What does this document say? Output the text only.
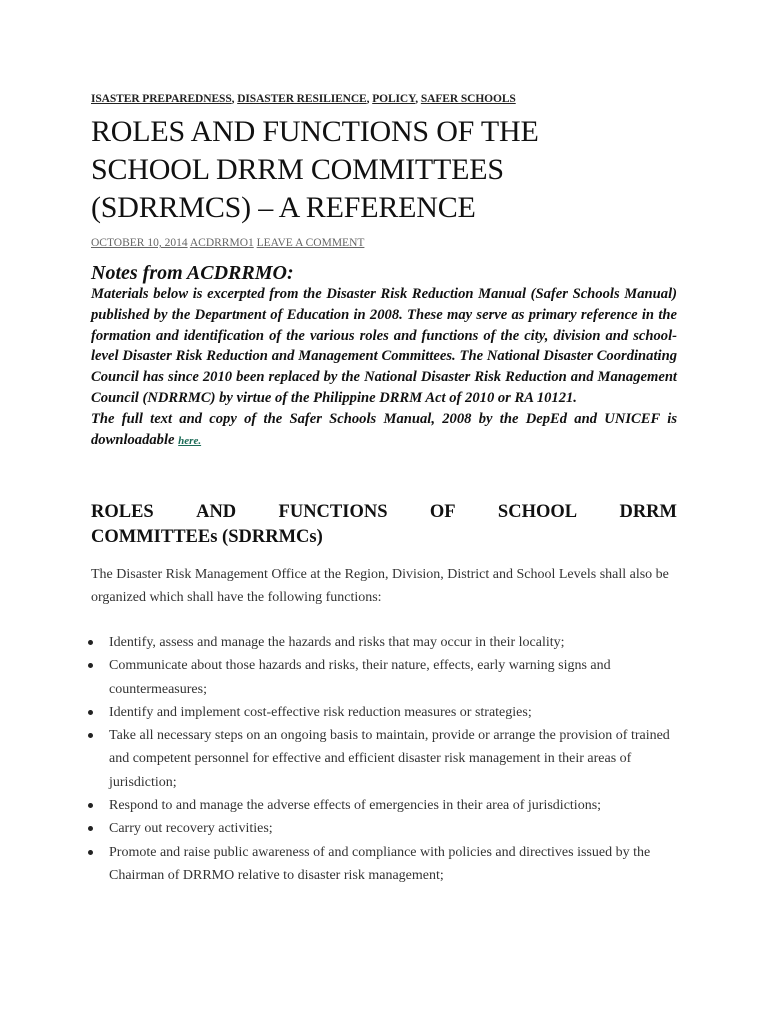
ISASTER PREPAREDNESS, DISASTER RESILIENCE, POLICY, SAFER SCHOOLS
ROLES AND FUNCTIONS OF THE SCHOOL DRRM COMMITTEES (SDRRMCS) – A REFERENCE
OCTOBER 10, 2014 ACDRRMO1 LEAVE A COMMENT
Notes from ACDRRMO:

Materials below is excerpted from the Disaster Risk Reduction Manual (Safer Schools Manual) published by the Department of Education in 2008. These may serve as primary reference in the formation and identification of the various roles and functions of the city, division and school-level Disaster Risk Reduction and Management Committees. The National Disaster Coordinating Council has since 2010 been replaced by the National Disaster Risk Reduction and Management Council (NDRRMC) by virtue of the Philippine DRRM Act of 2010 or RA 10121.

The full text and copy of the Safer Schools Manual, 2008 by the DepEd and UNICEF is downloadable here.

ROLES AND FUNCTIONS OF SCHOOL DRRM
COMMITTEEs (SDRRMCs)

The Disaster Risk Management Office at the Region, Division, District and School Levels shall also be organized which shall have the following functions:

Identify, assess and manage the hazards and risks that may occur in their locality;
Communicate about those hazards and risks, their nature, effects, early warning signs and countermeasures;
Identify and implement cost-effective risk reduction measures or strategies;
Take all necessary steps on an ongoing basis to maintain, provide or arrange the provision of trained and competent personnel for effective and efficient disaster risk management in their areas of jurisdiction;
Respond to and manage the adverse effects of emergencies in their area of jurisdictions;
Carry out recovery activities;
Promote and raise public awareness of and compliance with policies and directives issued by the Chairman of DRRMO relative to disaster risk management;
